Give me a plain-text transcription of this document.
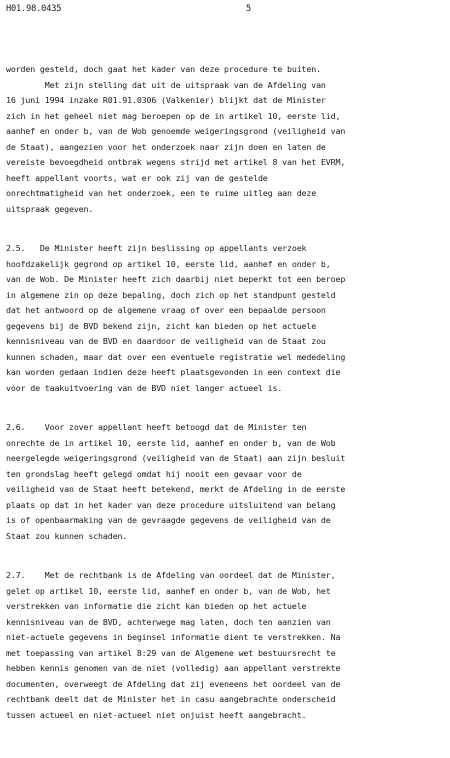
H01.98.0435	5
worden gesteld, doch gaat het kader van deze procedure te buiten.
Met zijn stelling dat uit de uitspraak van de Afdeling van
16 juni 1994 inzake R01.91.0306 (Valkenier) blijkt dat de Minister
zich in het geheel niet mag beroepen op de in artikel 10, eerste lid,
aanhef en onder b, van de Wob genoemde weigeringsgrond (veiligheid van
de Staat), aangezien voor het onderzoek naar zijn doen en laten de
vereiste bevoegdheid ontbrak wegens strijd met artikel 8 van het EVRM,
heeft appellant voorts, wat er ook zij van de gestelde
onrechtmatigheid van het onderzoek, een te ruime uitleg aan deze
uitspraak gegeven.
2.5.   De Minister heeft zijn beslissing op appellants verzoek
hoofdzakelijk gegrond op artikel 10, eerste lid, aanhef en onder b,
van de Wob. De Minister heeft zich daarbij niet beperkt tot een beroep
in algemene zin op deze bepaling, doch zich op het standpunt gesteld
dat het antwoord op de algemene vraag of over een bepaalde persoon
gegevens bij de BVD bekend zijn, zicht kan bieden op het actuele
kennisniveau van de BVD en daardoor de veiligheid van de Staat zou
kunnen schaden, maar dat over een eventuele registratie wel mededeling
kan worden gedaan indien deze heeft plaatsgevonden in een context die
voor de taakuitvoering van de BVD niet langer actueel is.
2.6.    Voor zover appellant heeft betoogd dat de Minister ten
onrechte de in artikel 10, eerste lid, aanhef en onder b, van de Wob
neergelegde weigeringsgrond (veiligheid van de Staat) aan zijn besluit
ten grondslag heeft gelegd omdat hij nooit een gevaar voor de
veiligheid van de Staat heeft betekend, merkt de Afdeling in de eerste
plaats op dat in het kader van deze procedure uitsluitend van belang
is of openbaarmaking van de gevraagde gegevens de veiligheid van de
Staat zou kunnen schaden.
2.7.    Met de rechtbank is de Afdeling van oordeel dat de Minister,
gelet op artikel 10, eerste lid, aanhef en onder b, van de Wob, het
verstrekken van informatie die zicht kan bieden op het actuele
kennisniveau van de BVD, achterwege mag laten, doch ten aanzien van
niet-actuele gegevens in beginsel informatie dient te verstrekken. Na
met toepassing van artikel 8:29 van de Algemene wet bestuursrecht te
hebben kennis genomen van de niet (volledig) aan appellant verstrekte
documenten, overweegt de Afdeling dat zij eveneens het oordeel van de
rechtbank deelt dat de Minister het in casu aangebrachte onderscheid
tussen actueel en niet-actueel niet onjuist heeft aangebracht.
